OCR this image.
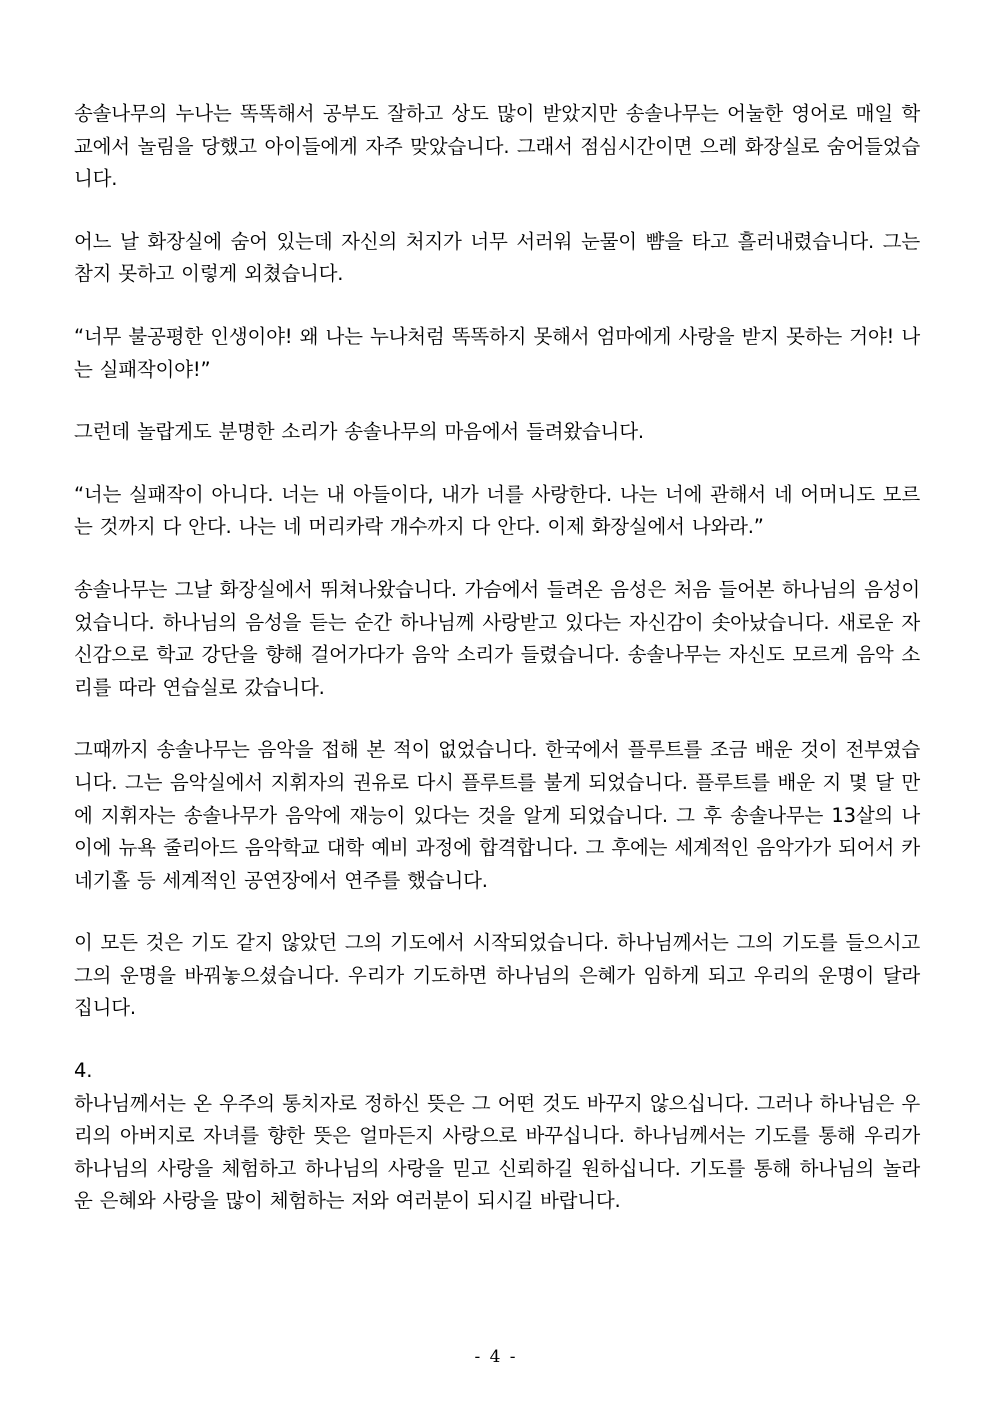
송솔나무의 누나는 똑똑해서 공부도 잘하고 상도 많이 받았지만 송솔나무는 어눌한 영어로 매일 학교에서 놀림을 당했고 아이들에게 자주 맞았습니다. 그래서 점심시간이면 으레 화장실로 숨어들었습니다.

어느 날 화장실에 숨어 있는데 자신의 처지가 너무 서러워 눈물이 뺨을 타고 흘러내렸습니다. 그는 참지 못하고 이렇게 외쳤습니다.

“너무 불공평한 인생이야! 왜 나는 누나처럼 똑똑하지 못해서 엄마에게 사랑을 받지 못하는 거야! 나는 실패작이야!”

그런데 놀랍게도 분명한 소리가 송솔나무의 마음에서 들려왔습니다.

“너는 실패작이 아니다. 너는 내 아들이다, 내가 너를 사랑한다. 나는 너에 관해서 네 어머니도 모르는 것까지 다 안다. 나는 네 머리카락 개수까지 다 안다. 이제 화장실에서 나와라.”

송솔나무는 그날 화장실에서 뛰쳐나왔습니다. 가슴에서 들려온 음성은 처음 들어본 하나님의 음성이었습니다. 하나님의 음성을 듣는 순간 하나님께 사랑받고 있다는 자신감이 솟아났습니다. 새로운 자신감으로 학교 강단을 향해 걸어가다가 음악 소리가 들렸습니다. 송솔나무는 자신도 모르게 음악 소리를 따라 연습실로 갔습니다.

그때까지 송솔나무는 음악을 접해 본 적이 없었습니다. 한국에서 플루트를 조금 배운 것이 전부였습니다. 그는 음악실에서 지휘자의 권유로 다시 플루트를 불게 되었습니다. 플루트를 배운 지 몇 달 만에 지휘자는 송솔나무가 음악에 재능이 있다는 것을 알게 되었습니다. 그 후 송솔나무는 13살의 나이에 뉴욕 줄리아드 음악학교 대학 예비 과정에 합격합니다. 그 후에는 세계적인 음악가가 되어서 카네기홀 등 세계적인 공연장에서 연주를 했습니다.

이 모든 것은 기도 같지 않았던 그의 기도에서 시작되었습니다. 하나님께서는 그의 기도를 들으시고 그의 운명을 바꿔놓으셨습니다. 우리가 기도하면 하나님의 은혜가 임하게 되고 우리의 운명이 달라집니다.

4.
하나님께서는 온 우주의 통치자로 정하신 뜻은 그 어떤 것도 바꾸지 않으십니다. 그러나 하나님은 우리의 아버지로 자녀를 향한 뜻은 얼마든지 사랑으로 바꾸십니다. 하나님께서는 기도를 통해 우리가 하나님의 사랑을 체험하고 하나님의 사랑을 믿고 신뢰하길 원하십니다. 기도를 통해 하나님의 놀라운 은혜와 사랑을 많이 체험하는 저와 여러분이 되시길 바랍니다.
- 4 -
